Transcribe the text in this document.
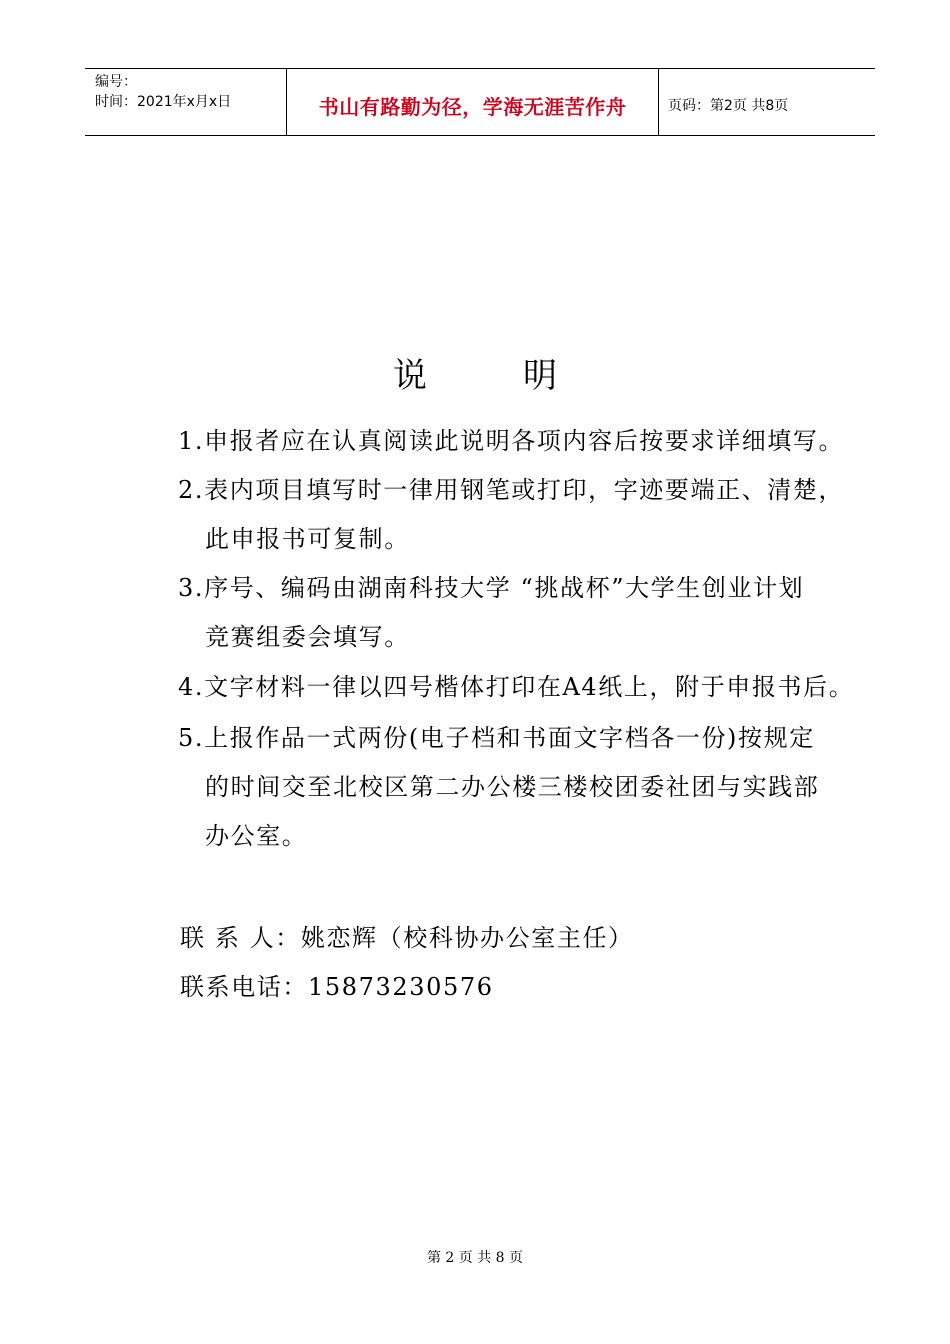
编号：
时间：2021年x月x日	书山有路勤为径，学海无涯苦作舟	页码：第2页 共8页
说	明
1.申报者应在认真阅读此说明各项内容后按要求详细填写。
2.表内项目填写时一律用钢笔或打印，字迹要端正、清楚，
此申报书可复制。
3.序号、编码由湖南科技大学 “挑战杯”大学生创业计划
竞赛组委会填写。
4.文字材料一律以四号楷体打印在A4纸上，附于申报书后。
5.上报作品一式两份(电子档和书面文字档各一份)按规定
的时间交至北校区第二办公楼三楼校团委社团与实践部
办公室。
联 系 人：姚恋辉（校科协办公室主任）
联系电话：15873230576
第 2 页 共 8 页
